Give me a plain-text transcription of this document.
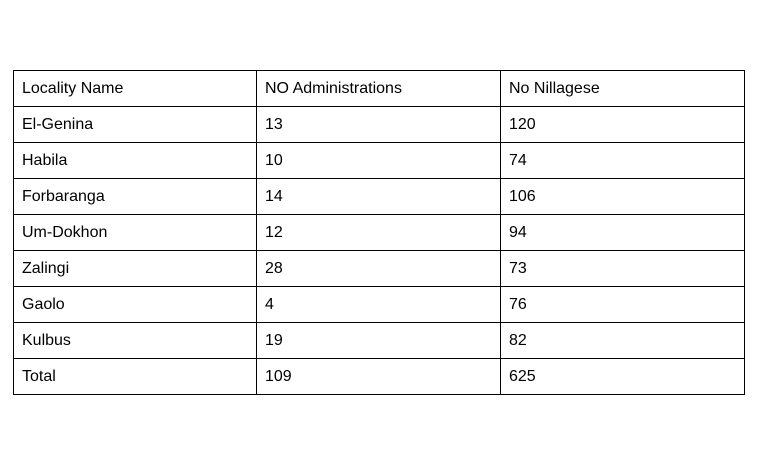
Locality Name	NO Administrations	No Nillagese
El-Genina	13	120
Habila	10	74
Forbaranga	14	106
Um-Dokhon	12	94
Zalingi	28	73
Gaolo	4	76
Kulbus	19	82
Total	109	625
